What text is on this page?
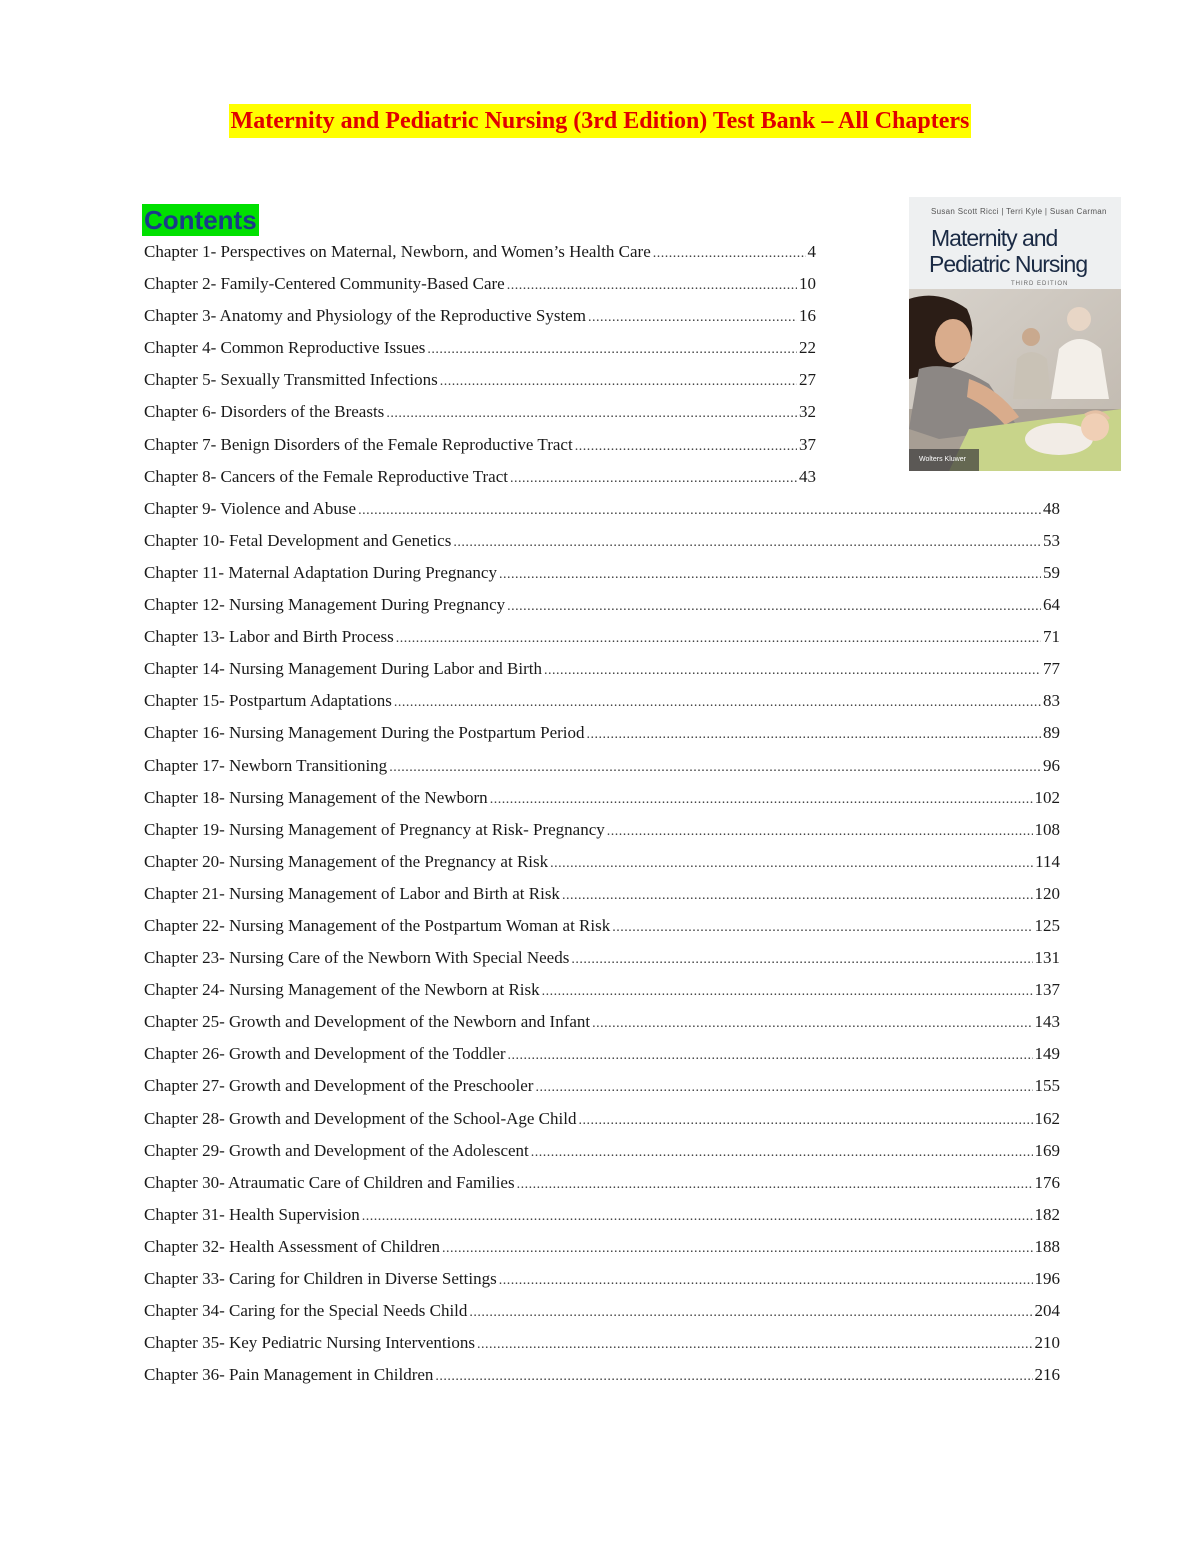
Maternity and Pediatric Nursing (3rd Edition) Test Bank – All Chapters
Contents	Susan Scott Ricci | Terri Kyle | Susan Carman
Maternity and
Pediatric Nursing
THIRD EDITION
Wolters Kluwer
Chapter 1- Perspectives on Maternal, Newborn, and Women’s Health Care .....	4
Chapter 2- Family-Centered Community-Based Care .....	10
Chapter 3- Anatomy and Physiology of the Reproductive System .....	16
Chapter 4- Common Reproductive Issues .....	22
Chapter 5- Sexually Transmitted Infections .....	27
Chapter 6- Disorders of the Breasts .....	32
Chapter 7- Benign Disorders of the Female Reproductive Tract .....	37
Chapter 8- Cancers of the Female Reproductive Tract .....	43
Chapter 9- Violence and Abuse .....	48
Chapter 10- Fetal Development and Genetics .....	53
Chapter 11- Maternal Adaptation During Pregnancy .....	59
Chapter 12- Nursing Management During Pregnancy .....	64
Chapter 13- Labor and Birth Process .....	71
Chapter 14- Nursing Management During Labor and Birth .....	77
Chapter 15- Postpartum Adaptations .....	83
Chapter 16- Nursing Management During the Postpartum Period .....	89
Chapter 17- Newborn Transitioning .....	96
Chapter 18- Nursing Management of the Newborn .....	102
Chapter 19- Nursing Management of Pregnancy at Risk- Pregnancy .....	108
Chapter 20- Nursing Management of the Pregnancy at Risk .....	114
Chapter 21- Nursing Management of Labor and Birth at Risk .....	120
Chapter 22- Nursing Management of the Postpartum Woman at Risk .....	125
Chapter 23- Nursing Care of the Newborn With Special Needs .....	131
Chapter 24- Nursing Management of the Newborn at Risk .....	137
Chapter 25- Growth and Development of the Newborn and Infant .....	143
Chapter 26- Growth and Development of the Toddler .....	149
Chapter 27- Growth and Development of the Preschooler .....	155
Chapter 28- Growth and Development of the School-Age Child .....	162
Chapter 29- Growth and Development of the Adolescent .....	169
Chapter 30- Atraumatic Care of Children and Families .....	176
Chapter 31- Health Supervision .....	182
Chapter 32- Health Assessment of Children .....	188
Chapter 33- Caring for Children in Diverse Settings .....	196
Chapter 34- Caring for the Special Needs Child .....	204
Chapter 35- Key Pediatric Nursing Interventions .....	210
Chapter 36- Pain Management in Children .....	216
